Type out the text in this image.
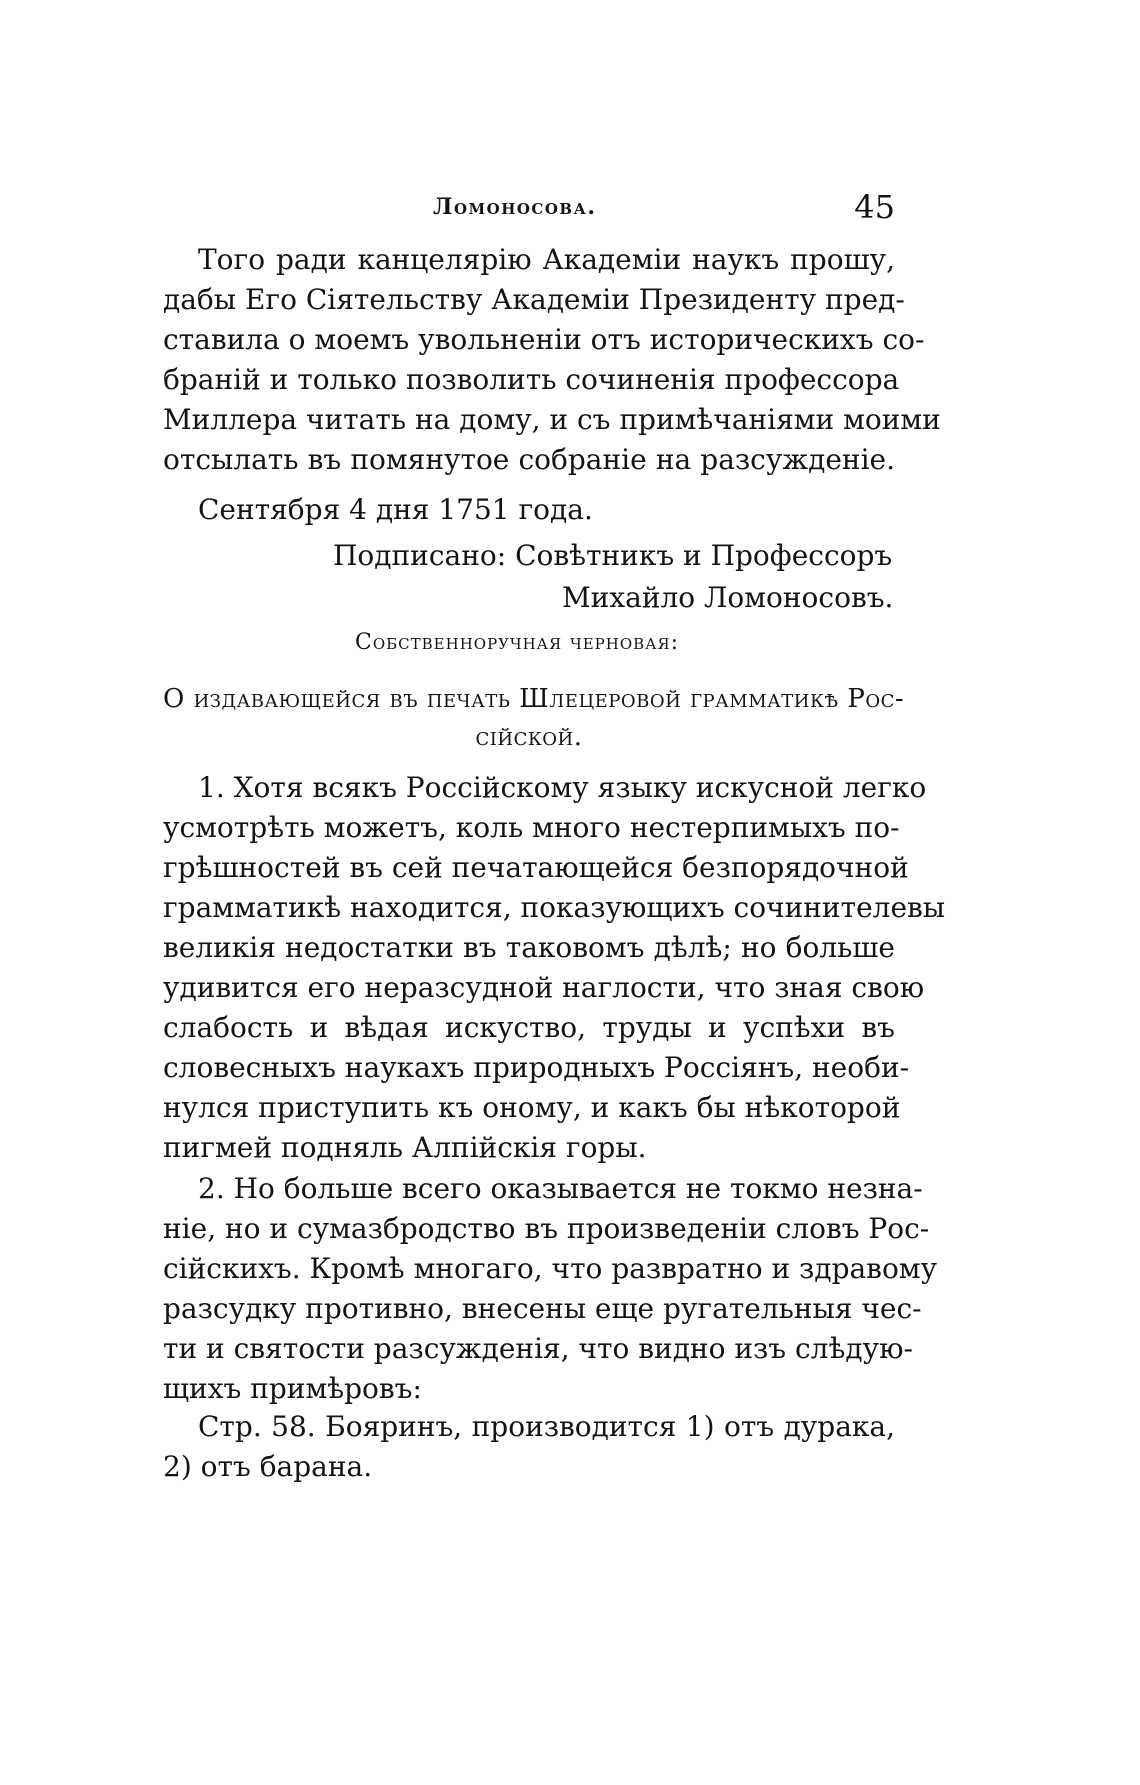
Ломоносова.	45
Того ради канцелярію Академіи наукъ прошу,
дабы Его Сіятельству Академіи Президенту пред-
ставила о моемъ увольненіи отъ историческихъ со-
браній и только позволить сочиненія профессора
Миллера читать на дому, и съ примѣчаніями моими
отсылать въ помянутое собраніе на разсужденіе.
Сентября 4 дня 1751 года.
Подписано: Совѣтникъ и Профессоръ
Михайло Ломоносовъ.
Собственноручная черновая:
О издавающейся въ печать Шлецеровой грамматикѣ Рос-
сійской.
1. Хотя всякъ Россійскому языку искусной легко
усмотрѣть можетъ, коль много нестерпимыхъ по-
грѣшностей въ сей печатающейся безпорядочной
грамматикѣ находится, показующихъ сочинителевы
великія недостатки въ таковомъ дѣлѣ; но больше
удивится его неразсудной наглости, что зная свою
слабость и вѣдая искуство, труды и успѣхи въ
словесныхъ наукахъ природныхъ Россіянъ, необи-
нулся приступить къ оному, и какъ бы нѣкоторой
пигмей подняль Алпійскія горы.
2. Но больше всего оказывается не токмо незна-
ніе, но и сумазбродство въ произведеніи словъ Рос-
сійскихъ. Кромѣ многаго, что развратно и здравому
разсудку противно, внесены еще ругательныя чес-
ти и святости разсужденія, что видно изъ слѣдую-
щихъ примѣровъ:
Стр. 58. Бояринъ, производится 1) отъ дурака,
2) отъ барана.
